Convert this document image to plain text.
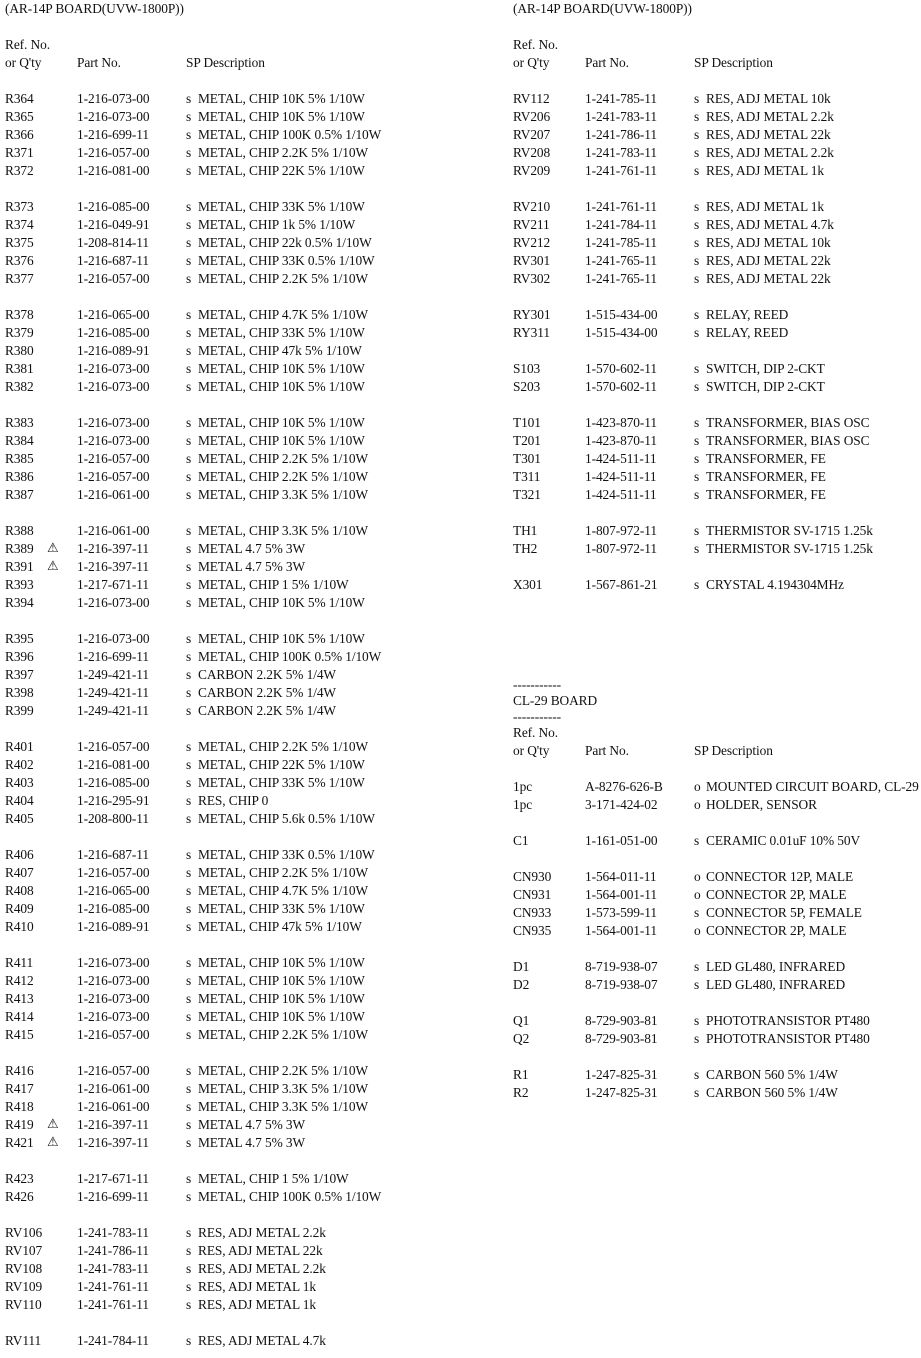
(AR-14P BOARD(UVW-1800P))
Ref. No.
or Q'ty	Part No.	SP Description
R364	1-216-073-00	s METAL, CHIP 10K 5% 1/10W
R365	1-216-073-00	s METAL, CHIP 10K 5% 1/10W
R366	1-216-699-11	s METAL, CHIP 100K 0.5% 1/10W
R371	1-216-057-00	s METAL, CHIP 2.2K 5% 1/10W
R372	1-216-081-00	s METAL, CHIP 22K 5% 1/10W
R373	1-216-085-00	s METAL, CHIP 33K 5% 1/10W
R374	1-216-049-91	s METAL, CHIP 1k 5% 1/10W
R375	1-208-814-11	s METAL, CHIP 22k 0.5% 1/10W
R376	1-216-687-11	s METAL, CHIP 33K 0.5% 1/10W
R377	1-216-057-00	s METAL, CHIP 2.2K 5% 1/10W
R378	1-216-065-00	s METAL, CHIP 4.7K 5% 1/10W
R379	1-216-085-00	s METAL, CHIP 33K 5% 1/10W
R380	1-216-089-91	s METAL, CHIP 47k 5% 1/10W
R381	1-216-073-00	s METAL, CHIP 10K 5% 1/10W
R382	1-216-073-00	s METAL, CHIP 10K 5% 1/10W
R383	1-216-073-00	s METAL, CHIP 10K 5% 1/10W
R384	1-216-073-00	s METAL, CHIP 10K 5% 1/10W
R385	1-216-057-00	s METAL, CHIP 2.2K 5% 1/10W
R386	1-216-057-00	s METAL, CHIP 2.2K 5% 1/10W
R387	1-216-061-00	s METAL, CHIP 3.3K 5% 1/10W
R388	1-216-061-00	s METAL, CHIP 3.3K 5% 1/10W
R389 ⚠ 1-216-397-11	s METAL 4.7 5% 3W
R391 ⚠ 1-216-397-11	s METAL 4.7 5% 3W
R393	1-217-671-11	s METAL, CHIP 1 5% 1/10W
R394	1-216-073-00	s METAL, CHIP 10K 5% 1/10W
R395	1-216-073-00	s METAL, CHIP 10K 5% 1/10W
R396	1-216-699-11	s METAL, CHIP 100K 0.5% 1/10W
R397	1-249-421-11	s CARBON 2.2K 5% 1/4W
R398	1-249-421-11	s CARBON 2.2K 5% 1/4W
R399	1-249-421-11	s CARBON 2.2K 5% 1/4W
R401	1-216-057-00	s METAL, CHIP 2.2K 5% 1/10W
R402	1-216-081-00	s METAL, CHIP 22K 5% 1/10W
R403	1-216-085-00	s METAL, CHIP 33K 5% 1/10W
R404	1-216-295-91	s RES, CHIP 0
R405	1-208-800-11	s METAL, CHIP 5.6k 0.5% 1/10W
R406	1-216-687-11	s METAL, CHIP 33K 0.5% 1/10W
R407	1-216-057-00	s METAL, CHIP 2.2K 5% 1/10W
R408	1-216-065-00	s METAL, CHIP 4.7K 5% 1/10W
R409	1-216-085-00	s METAL, CHIP 33K 5% 1/10W
R410	1-216-089-91	s METAL, CHIP 47k 5% 1/10W
R411	1-216-073-00	s METAL, CHIP 10K 5% 1/10W
R412	1-216-073-00	s METAL, CHIP 10K 5% 1/10W
R413	1-216-073-00	s METAL, CHIP 10K 5% 1/10W
R414	1-216-073-00	s METAL, CHIP 10K 5% 1/10W
R415	1-216-057-00	s METAL, CHIP 2.2K 5% 1/10W
R416	1-216-057-00	s METAL, CHIP 2.2K 5% 1/10W
R417	1-216-061-00	s METAL, CHIP 3.3K 5% 1/10W
R418	1-216-061-00	s METAL, CHIP 3.3K 5% 1/10W
R419 ⚠ 1-216-397-11	s METAL 4.7 5% 3W
R421 ⚠ 1-216-397-11	s METAL 4.7 5% 3W
R423	1-217-671-11	s METAL, CHIP 1 5% 1/10W
R426	1-216-699-11	s METAL, CHIP 100K 0.5% 1/10W
RV106	1-241-783-11	s RES, ADJ METAL 2.2k
RV107	1-241-786-11	s RES, ADJ METAL 22k
RV108	1-241-783-11	s RES, ADJ METAL 2.2k
RV109	1-241-761-11	s RES, ADJ METAL 1k
RV110	1-241-761-11	s RES, ADJ METAL 1k
RV111	1-241-784-11	s RES, ADJ METAL 4.7k
(AR-14P BOARD(UVW-1800P))
Ref. No.
or Q'ty	Part No.	SP Description
RV112	1-241-785-11	s RES, ADJ METAL 10k
RV206	1-241-783-11	s RES, ADJ METAL 2.2k
RV207	1-241-786-11	s RES, ADJ METAL 22k
RV208	1-241-783-11	s RES, ADJ METAL 2.2k
RV209	1-241-761-11	s RES, ADJ METAL 1k
RV210	1-241-761-11	s RES, ADJ METAL 1k
RV211	1-241-784-11	s RES, ADJ METAL 4.7k
RV212	1-241-785-11	s RES, ADJ METAL 10k
RV301	1-241-765-11	s RES, ADJ METAL 22k
RV302	1-241-765-11	s RES, ADJ METAL 22k
RY301	1-515-434-00	s RELAY, REED
RY311	1-515-434-00	s RELAY, REED
S103	1-570-602-11	s SWITCH, DIP 2-CKT
S203	1-570-602-11	s SWITCH, DIP 2-CKT
T101	1-423-870-11	s TRANSFORMER, BIAS OSC
T201	1-423-870-11	s TRANSFORMER, BIAS OSC
T301	1-424-511-11	s TRANSFORMER, FE
T311	1-424-511-11	s TRANSFORMER, FE
T321	1-424-511-11	s TRANSFORMER, FE
TH1	1-807-972-11	s THERMISTOR SV-1715 1.25k
TH2	1-807-972-11	s THERMISTOR SV-1715 1.25k
X301	1-567-861-21	s CRYSTAL 4.194304MHz
-----------
CL-29 BOARD
-----------
Ref. No.
or Q'ty	Part No.	SP Description
1pc	A-8276-626-B	o MOUNTED CIRCUIT BOARD, CL-29
1pc	3-171-424-02	o HOLDER, SENSOR
C1	1-161-051-00	s CERAMIC 0.01uF 10% 50V
CN930	1-564-011-11	o CONNECTOR 12P, MALE
CN931	1-564-001-11	o CONNECTOR 2P, MALE
CN933	1-573-599-11	s CONNECTOR 5P, FEMALE
CN935	1-564-001-11	o CONNECTOR 2P, MALE
D1	8-719-938-07	s LED GL480, INFRARED
D2	8-719-938-07	s LED GL480, INFRARED
Q1	8-729-903-81	s PHOTOTRANSISTOR PT480
Q2	8-729-903-81	s PHOTOTRANSISTOR PT480
R1	1-247-825-31	s CARBON 560 5% 1/4W
R2	1-247-825-31	s CARBON 560 5% 1/4W
